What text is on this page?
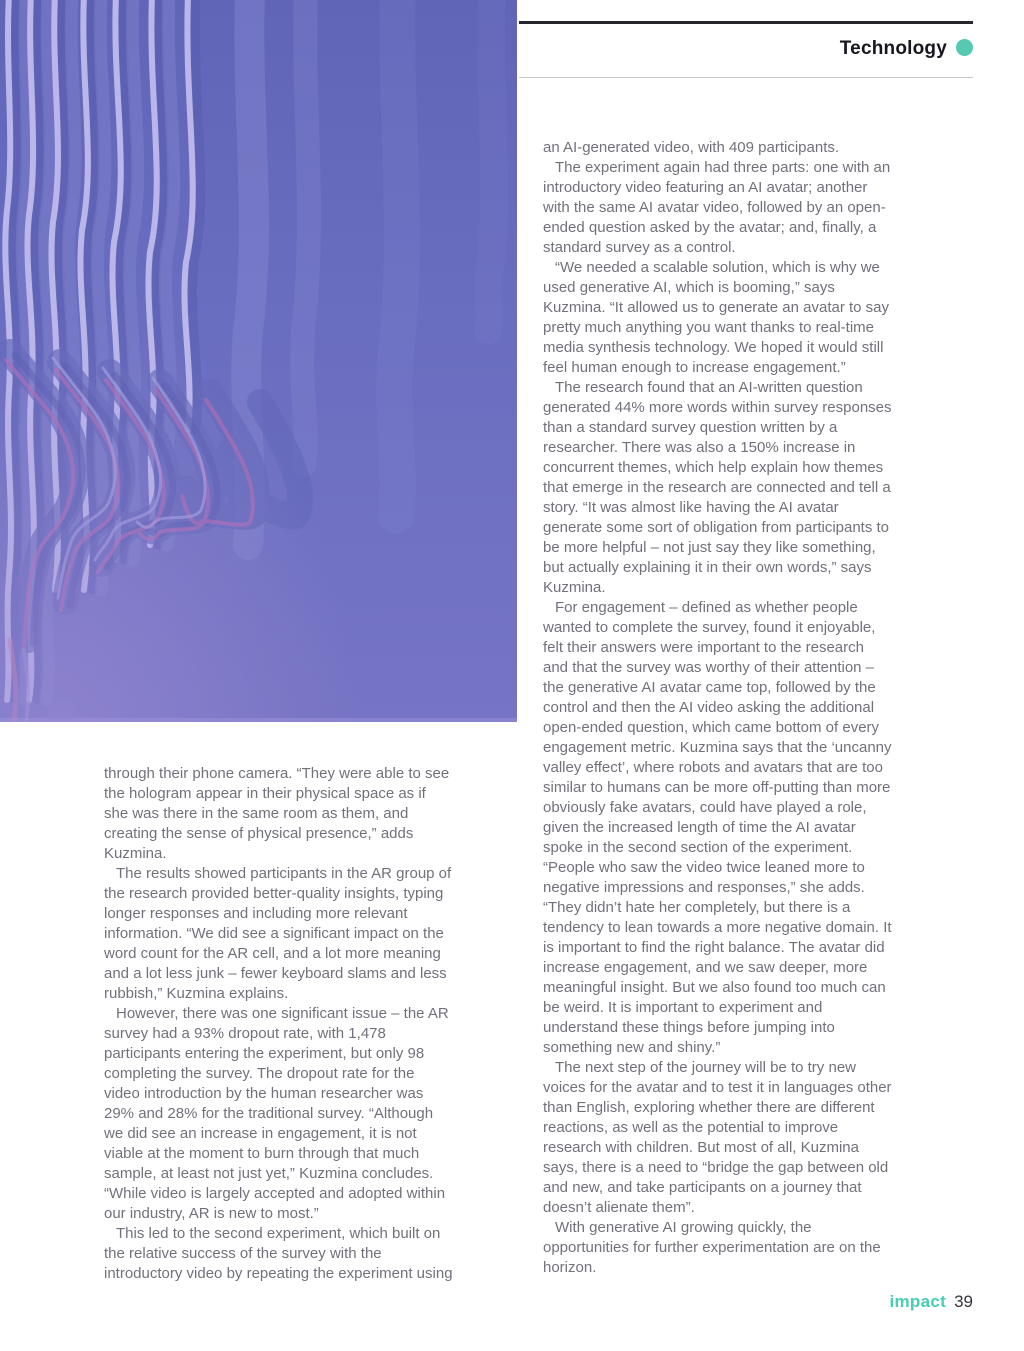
Technology

through their phone camera. “They were able to see the hologram appear in their physical space as if she was there in the same room as them, and creating the sense of physical presence,” adds Kuzmina.

The results showed participants in the AR group of the research provided better-quality insights, typing longer responses and including more relevant information. “We did see a significant impact on the word count for the AR cell, and a lot more meaning and a lot less junk – fewer keyboard slams and less rubbish,” Kuzmina explains.

However, there was one significant issue – the AR survey had a 93% dropout rate, with 1,478 participants entering the experiment, but only 98 completing the survey. The dropout rate for the video introduction by the human researcher was 29% and 28% for the traditional survey. “Although we did see an increase in engagement, it is not viable at the moment to burn through that much sample, at least not just yet,” Kuzmina concludes. “While video is largely accepted and adopted within our industry, AR is new to most.”

This led to the second experiment, which built on the relative success of the survey with the introductory video by repeating the experiment using

an AI-generated video, with 409 participants.

The experiment again had three parts: one with an introductory video featuring an AI avatar; another with the same AI avatar video, followed by an open-ended question asked by the avatar; and, finally, a standard survey as a control.

“We needed a scalable solution, which is why we used generative AI, which is booming,” says Kuzmina. “It allowed us to generate an avatar to say pretty much anything you want thanks to real-time media synthesis technology. We hoped it would still feel human enough to increase engagement.”

The research found that an AI-written question generated 44% more words within survey responses than a standard survey question written by a researcher. There was also a 150% increase in concurrent themes, which help explain how themes that emerge in the research are connected and tell a story. “It was almost like having the AI avatar generate some sort of obligation from participants to be more helpful – not just say they like something, but actually explaining it in their own words,” says Kuzmina.

For engagement – defined as whether people wanted to complete the survey, found it enjoyable, felt their answers were important to the research and that the survey was worthy of their attention – the generative AI avatar came top, followed by the control and then the AI video asking the additional open-ended question, which came bottom of every engagement metric. Kuzmina says that the ‘uncanny valley effect’, where robots and avatars that are too similar to humans can be more off-putting than more obviously fake avatars, could have played a role, given the increased length of time the AI avatar spoke in the second section of the experiment. “People who saw the video twice leaned more to negative impressions and responses,” she adds. “They didn’t hate her completely, but there is a tendency to lean towards a more negative domain. It is important to find the right balance. The avatar did increase engagement, and we saw deeper, more meaningful insight. But we also found too much can be weird. It is important to experiment and understand these things before jumping into something new and shiny.”

The next step of the journey will be to try new voices for the avatar and to test it in languages other than English, exploring whether there are different reactions, as well as the potential to improve research with children. But most of all, Kuzmina says, there is a need to “bridge the gap between old and new, and take participants on a journey that doesn’t alienate them”.

With generative AI growing quickly, the opportunities for further experimentation are on the horizon.

impact 39
